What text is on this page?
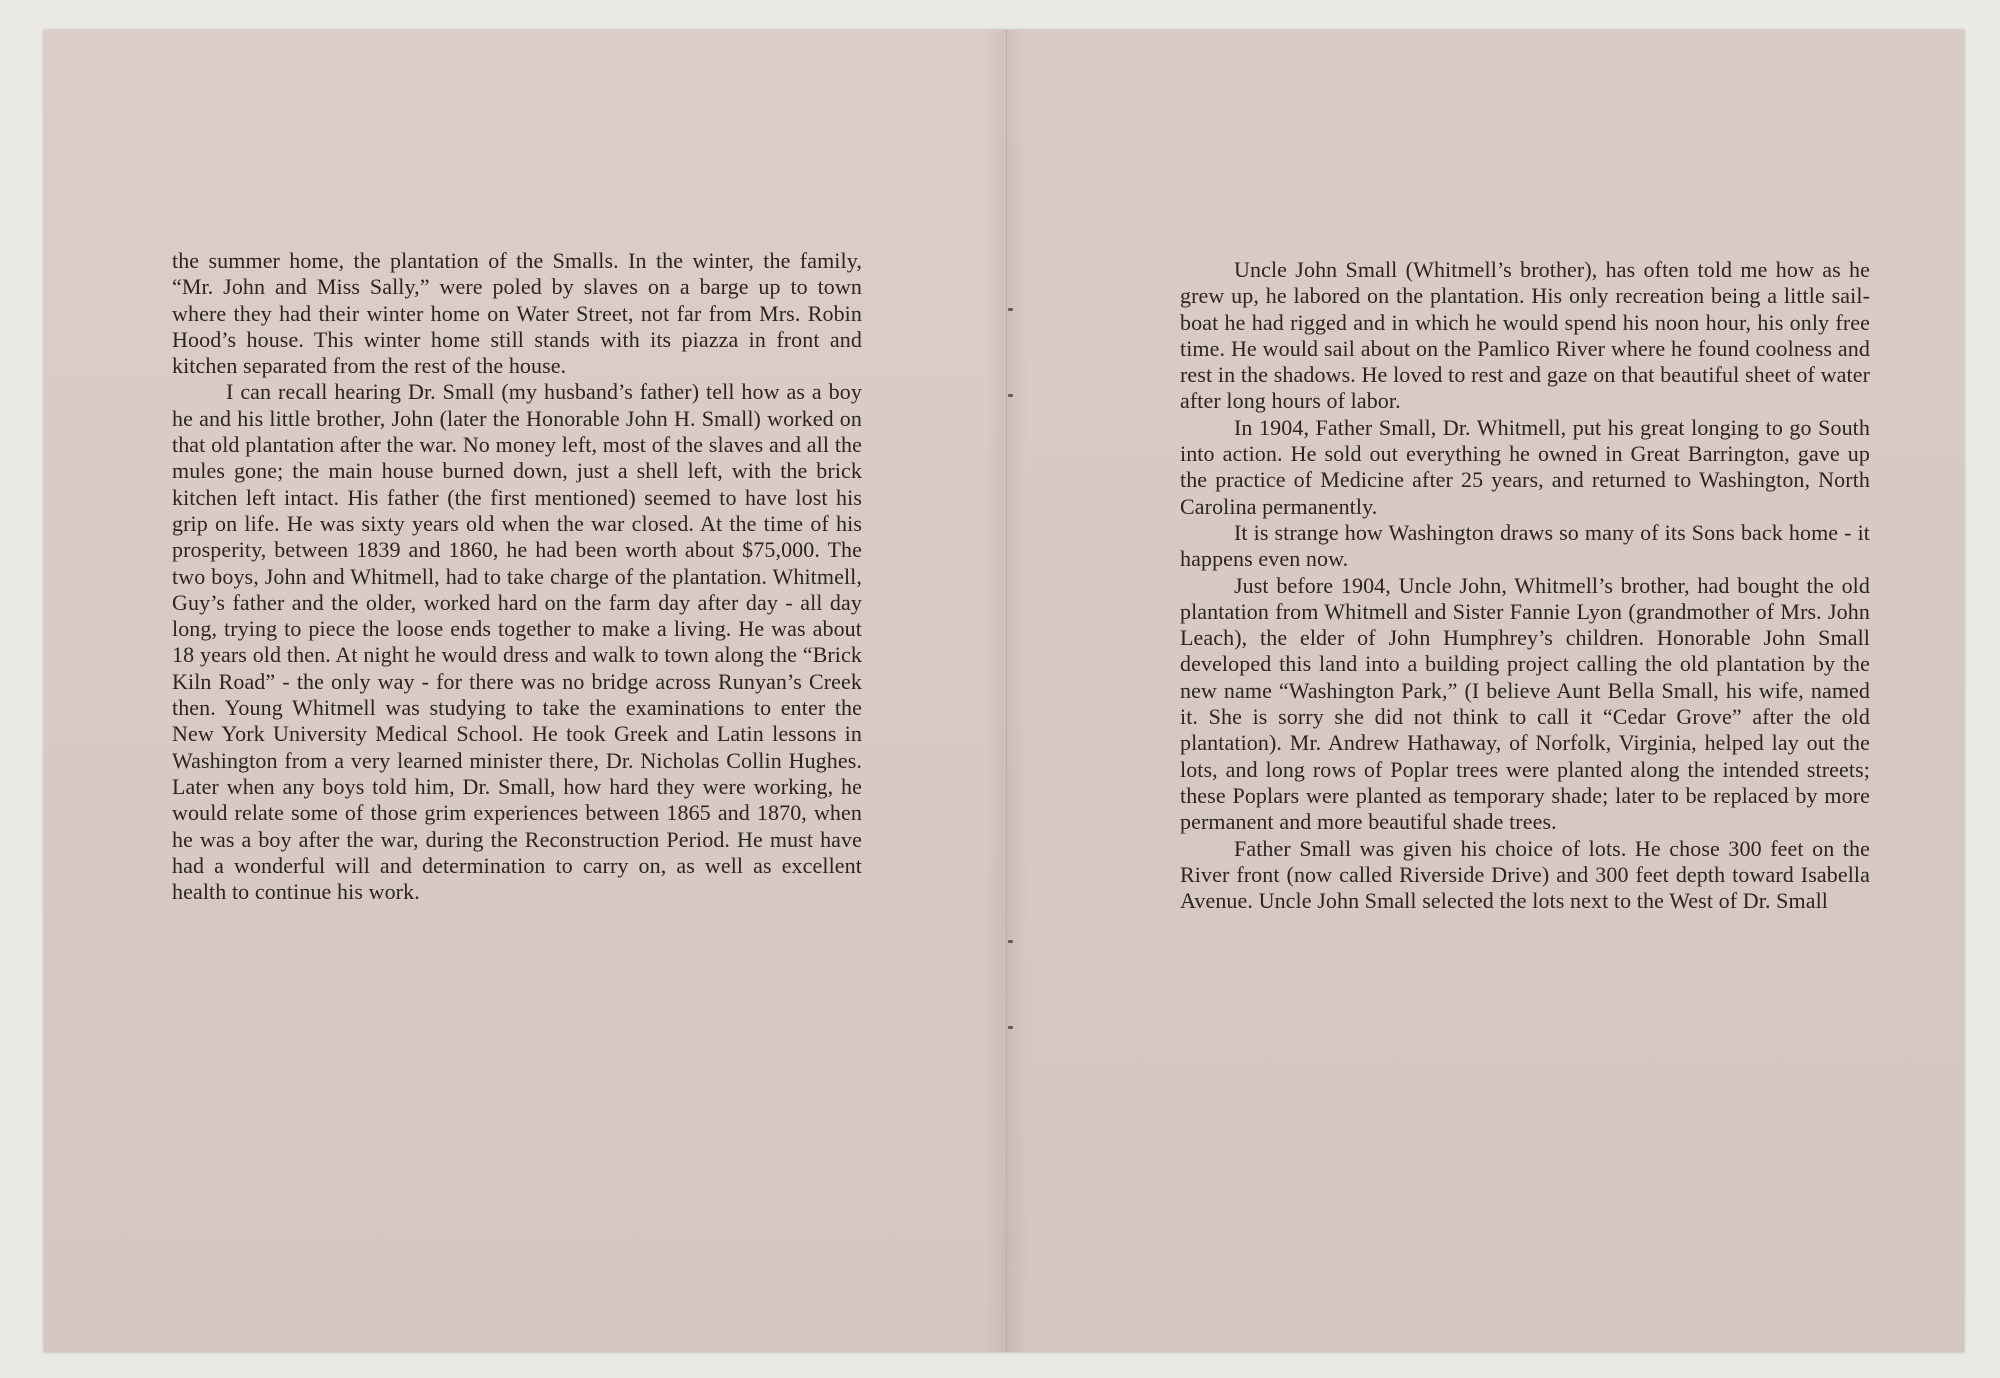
the summer home, the plantation of the Smalls. In the winter, the family, “Mr. John and Miss Sally,” were poled by slaves on a barge up to town where they had their winter home on Water Street, not far from Mrs. Robin Hood’s house. This winter home still stands with its piazza in front and kitchen separated from the rest of the house.

I can recall hearing Dr. Small (my husband’s father) tell how as a boy he and his little brother, John (later the Honorable John H. Small) worked on that old plantation after the war. No money left, most of the slaves and all the mules gone; the main house burned down, just a shell left, with the brick kitchen left intact. His father (the first mentioned) seemed to have lost his grip on life. He was sixty years old when the war closed. At the time of his prosperity, between 1839 and 1860, he had been worth about $75,000. The two boys, John and Whitmell, had to take charge of the plantation. Whitmell, Guy’s father and the older, worked hard on the farm day after day - all day long, trying to piece the loose ends together to make a living. He was about 18 years old then. At night he would dress and walk to town along the “Brick Kiln Road” - the only way - for there was no bridge across Runyan’s Creek then. Young Whitmell was studying to take the examinations to enter the New York University Medical School. He took Greek and Latin lessons in Washington from a very learned minister there, Dr. Nicholas Collin Hughes. Later when any boys told him, Dr. Small, how hard they were working, he would relate some of those grim experiences between 1865 and 1870, when he was a boy after the war, during the Reconstruction Period. He must have had a wonderful will and determination to carry on, as well as excellent health to continue his work.

Uncle John Small (Whitmell’s brother), has often told me how as he grew up, he labored on the plantation. His only recreation being a little sail-boat he had rigged and in which he would spend his noon hour, his only free time. He would sail about on the Pamlico River where he found coolness and rest in the shadows. He loved to rest and gaze on that beautiful sheet of water after long hours of labor.

In 1904, Father Small, Dr. Whitmell, put his great longing to go South into action. He sold out everything he owned in Great Barrington, gave up the practice of Medicine after 25 years, and returned to Washington, North Carolina permanently.

It is strange how Washington draws so many of its Sons back home - it happens even now.

Just before 1904, Uncle John, Whitmell’s brother, had bought the old plantation from Whitmell and Sister Fannie Lyon (grandmother of Mrs. John Leach), the elder of John Humphrey’s children. Honorable John Small developed this land into a building project calling the old plantation by the new name “Washington Park,” (I believe Aunt Bella Small, his wife, named it. She is sorry she did not think to call it “Cedar Grove” after the old plantation). Mr. Andrew Hathaway, of Norfolk, Virginia, helped lay out the lots, and long rows of Poplar trees were planted along the intended streets; these Poplars were planted as temporary shade; later to be replaced by more permanent and more beautiful shade trees.

Father Small was given his choice of lots. He chose 300 feet on the River front (now called Riverside Drive) and 300 feet depth toward Isabella Avenue. Uncle John Small selected the lots next to the West of Dr. Small
